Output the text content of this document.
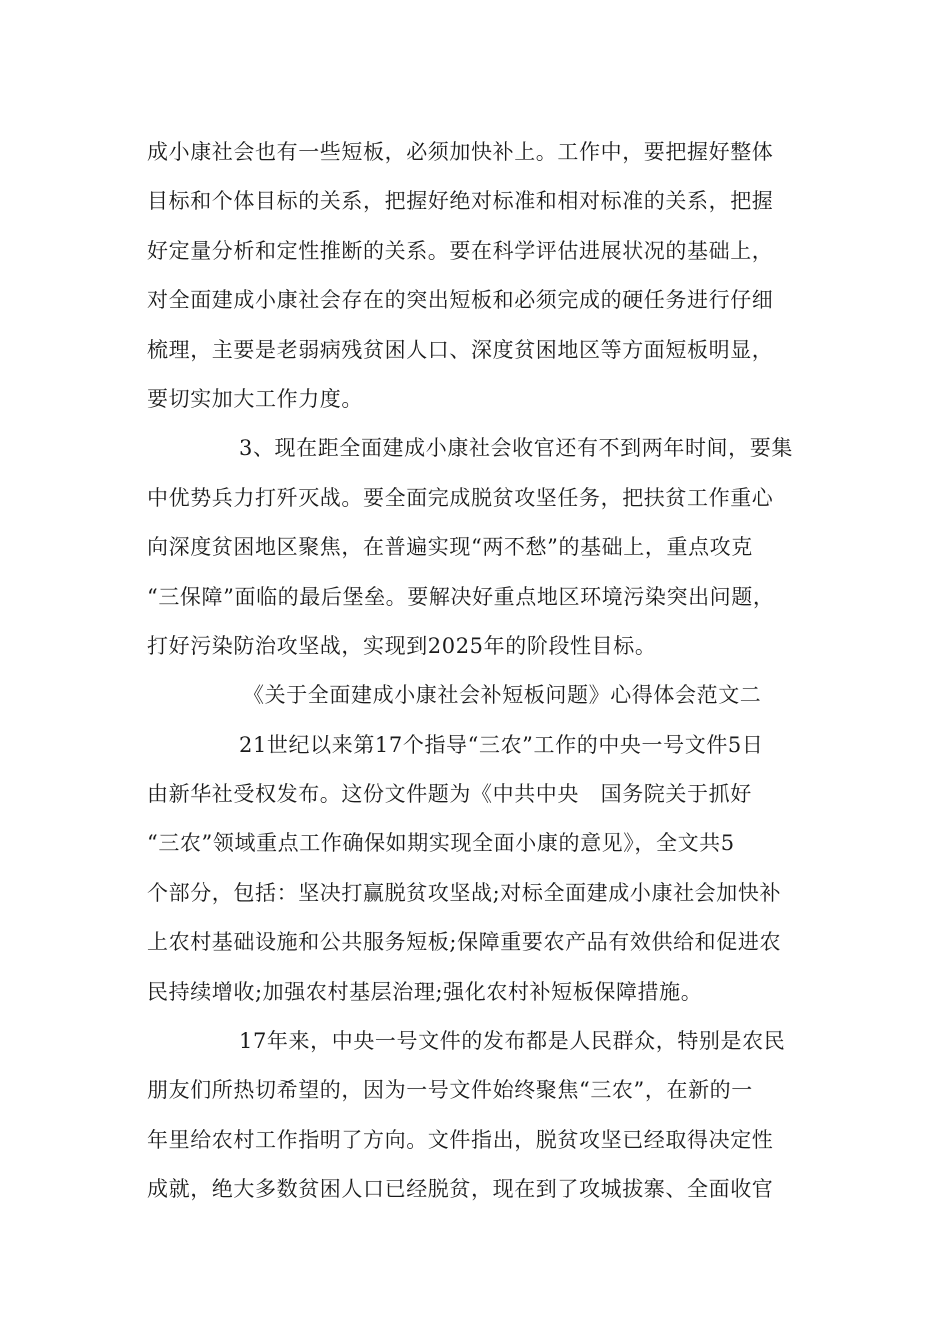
成小康社会也有一些短板，必须加快补上。工作中，要把握好整体
目标和个体目标的关系，把握好绝对标准和相对标准的关系，把握
好定量分析和定性推断的关系。要在科学评估进展状况的基础上，
对全面建成小康社会存在的突出短板和必须完成的硬任务进行仔细
梳理，主要是老弱病残贫困人口、深度贫困地区等方面短板明显，
要切实加大工作力度。
3、现在距全面建成小康社会收官还有不到两年时间，要集
中优势兵力打歼灭战。要全面完成脱贫攻坚任务，把扶贫工作重心
向深度贫困地区聚焦，在普遍实现“两不愁”的基础上，重点攻克
“三保障”面临的最后堡垒。要解决好重点地区环境污染突出问题，
打好污染防治攻坚战，实现到2025年的阶段性目标。
《关于全面建成小康社会补短板问题》心得体会范文二
21世纪以来第17个指导“三农”工作的中央一号文件5日
由新华社受权发布。这份文件题为《中共中央　国务院关于抓好
“三农”领域重点工作确保如期实现全面小康的意见》，全文共5
个部分，包括：坚决打赢脱贫攻坚战;对标全面建成小康社会加快补
上农村基础设施和公共服务短板;保障重要农产品有效供给和促进农
民持续增收;加强农村基层治理;强化农村补短板保障措施。
17年来，中央一号文件的发布都是人民群众，特别是农民
朋友们所热切希望的，因为一号文件始终聚焦“三农”，在新的一
年里给农村工作指明了方向。文件指出，脱贫攻坚已经取得决定性
成就，绝大多数贫困人口已经脱贫，现在到了攻城拔寨、全面收官
